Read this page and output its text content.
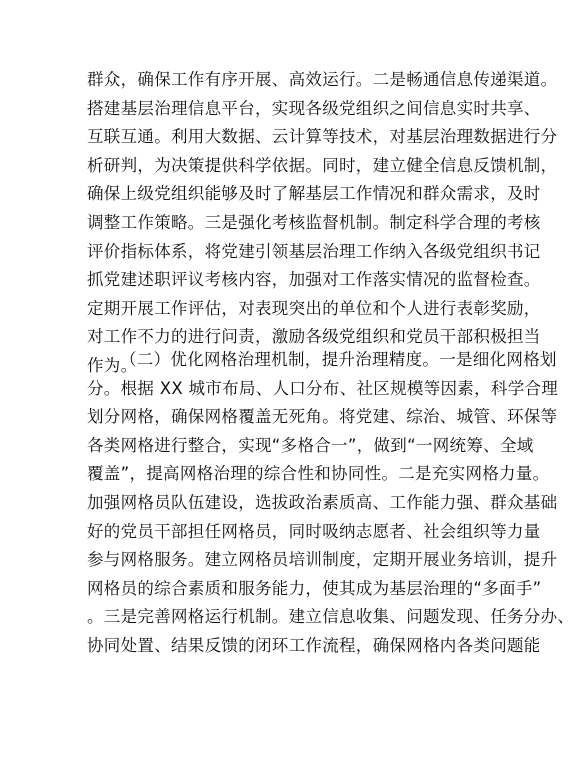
群众，确保工作有序开展、高效运行。二是畅通信息传递渠道。
搭建基层治理信息平台，实现各级党组织之间信息实时共享、
互联互通。利用大数据、云计算等技术，对基层治理数据进行分
析研判，为决策提供科学依据。同时，建立健全信息反馈机制，
确保上级党组织能够及时了解基层工作情况和群众需求，及时
调整工作策略。三是强化考核监督机制。制定科学合理的考核
评价指标体系，将党建引领基层治理工作纳入各级党组织书记
抓党建述职评议考核内容，加强对工作落实情况的监督检查。
定期开展工作评估，对表现突出的单位和个人进行表彰奖励，
对工作不力的进行问责，激励各级党组织和党员干部积极担当
作为。
（二）优化网格治理机制，提升治理精度。一是细化网格划
分。根据 XX 城市布局、人口分布、社区规模等因素，科学合理
划分网格，确保网格覆盖无死角。将党建、综治、城管、环保等
各类网格进行整合，实现“多格合一”，做到“一网统筹、全域
覆盖”，提高网格治理的综合性和协同性。二是充实网格力量。
加强网格员队伍建设，选拔政治素质高、工作能力强、群众基础
好的党员干部担任网格员，同时吸纳志愿者、社会组织等力量
参与网格服务。建立网格员培训制度，定期开展业务培训，提升
网格员的综合素质和服务能力，使其成为基层治理的“多面手”
。三是完善网格运行机制。建立信息收集、问题发现、任务分办、
协同处置、结果反馈的闭环工作流程，确保网格内各类问题能
